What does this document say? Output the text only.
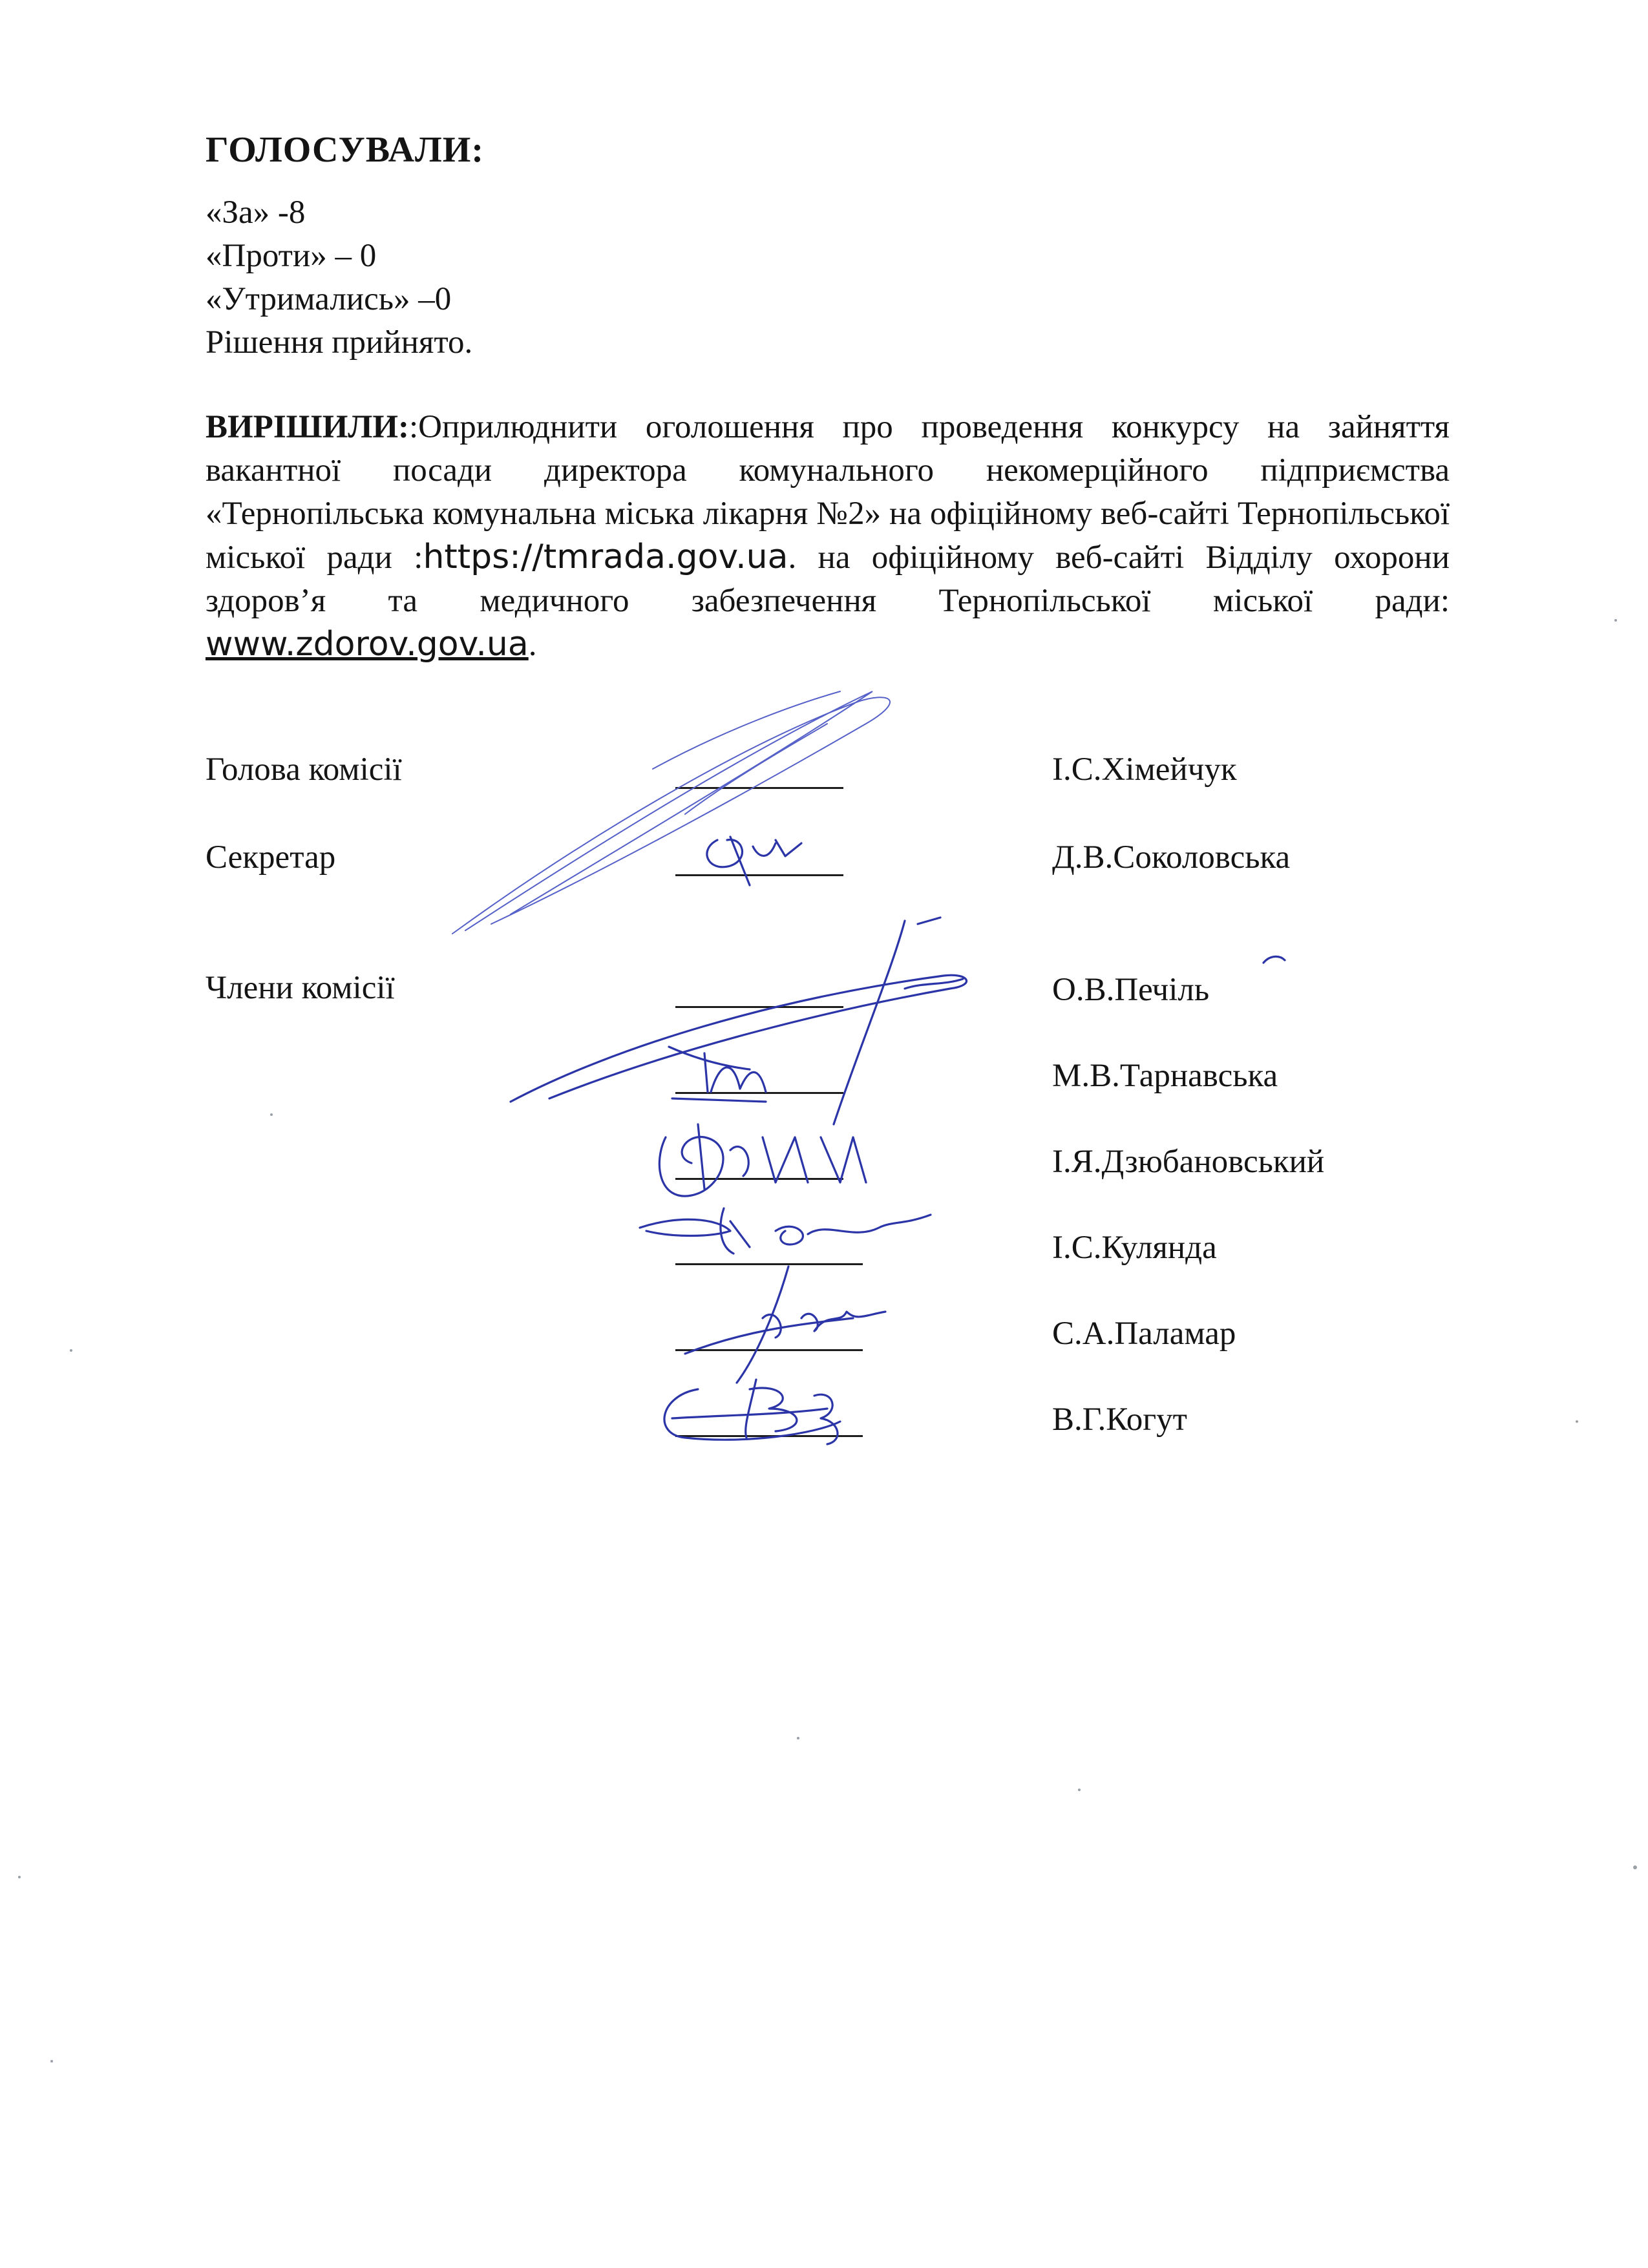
ГОЛОСУВАЛИ:
«За» -8
«Проти» – 0
«Утримались» –0
Рішення прийнято.
ВИРІШИЛИ::Оприлюднити оголошення про проведення конкурсу на зайняття вакантної посади директора комунального некомерційного підприємства «Тернопільська комунальна міська лікарня №2» на офіційному веб-сайті Тернопільської міської ради :https://tmrada.gov.ua. на офіційному веб-сайті Відділу охорони здоров’я та медичного забезпечення Тернопільської міської ради: www.zdorov.gov.ua.
Голова комісії	І.С.Хімейчук
Секретар	Д.В.Соколовська
Члени комісії	О.В.Печіль
М.В.Тарнавська
І.Я.Дзюбановський
І.С.Кулянда
С.А.Паламар
В.Г.Когут
